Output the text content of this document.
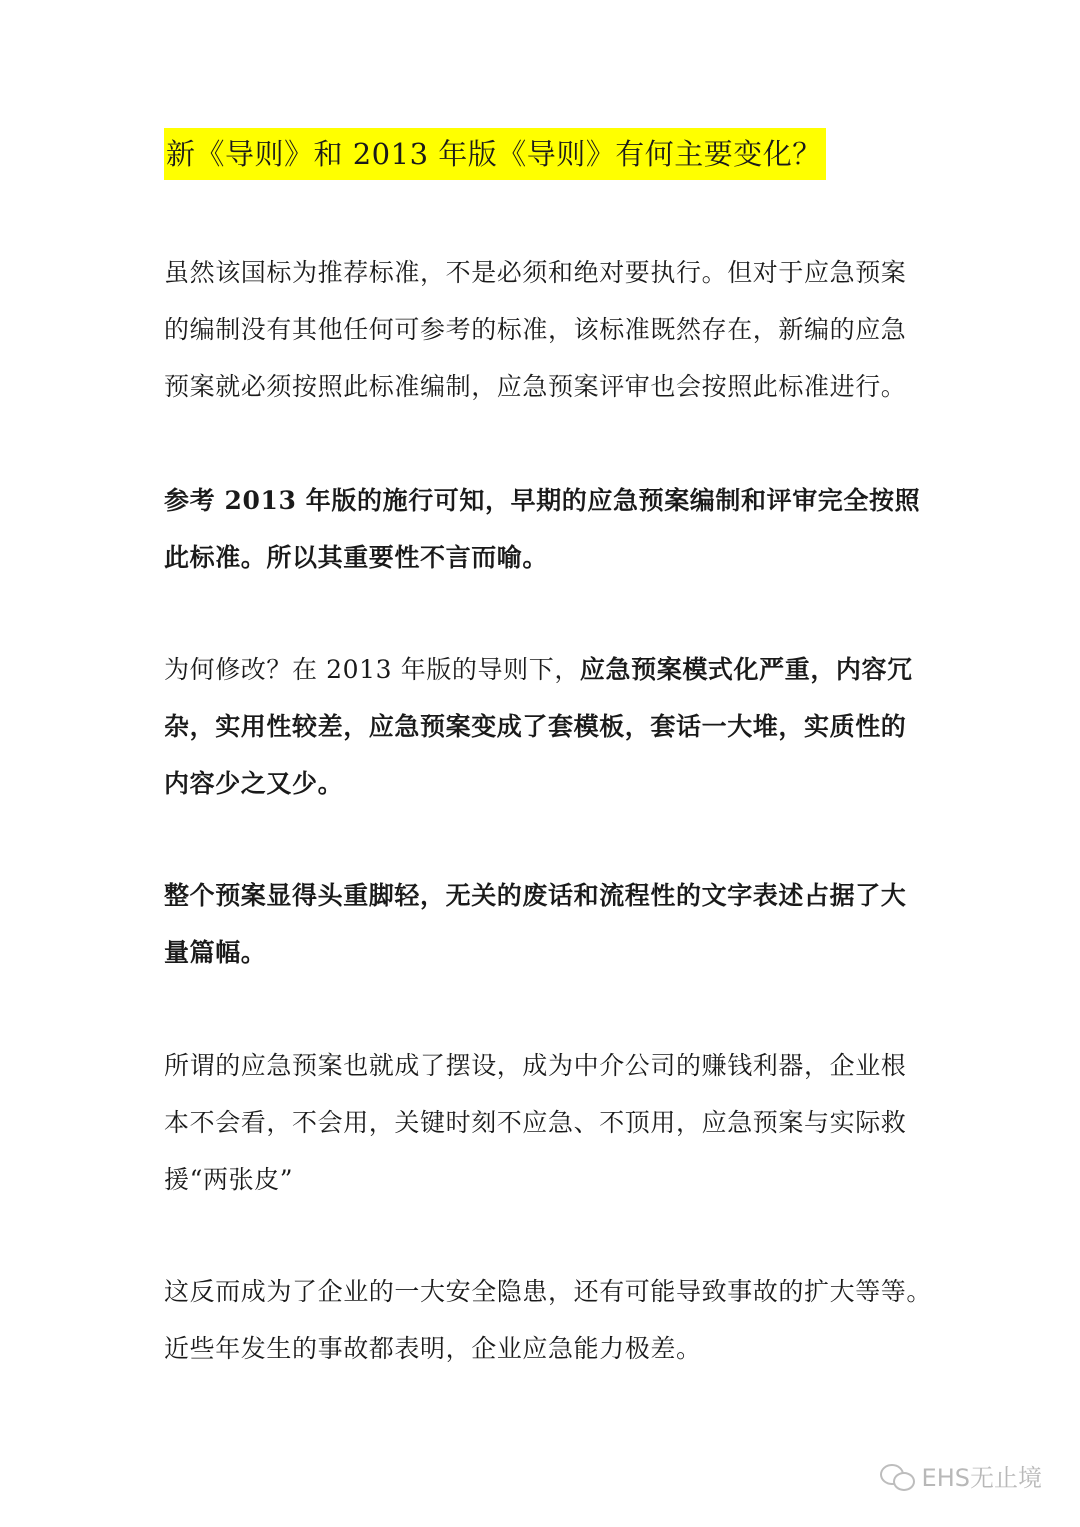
新《导则》和 2013 年版《导则》有何主要变化？

虽然该国标为推荐标准，不是必须和绝对要执行。但对于应急预案
的编制没有其他任何可参考的标准，该标准既然存在，新编的应急
预案就必须按照此标准编制，应急预案评审也会按照此标准进行。

参考 2013 年版的施行可知，早期的应急预案编制和评审完全按照
此标准。所以其重要性不言而喻。

为何修改？在 2013 年版的导则下，应急预案模式化严重，内容冗
杂，实用性较差，应急预案变成了套模板，套话一大堆，实质性的
内容少之又少。

整个预案显得头重脚轻，无关的废话和流程性的文字表述占据了大
量篇幅。

所谓的应急预案也就成了摆设，成为中介公司的赚钱利器，企业根
本不会看，不会用，关键时刻不应急、不顶用，应急预案与实际救
援“两张皮”

这反而成为了企业的一大安全隐患，还有可能导致事故的扩大等等。
近些年发生的事故都表明，企业应急能力极差。

EHS无止境
